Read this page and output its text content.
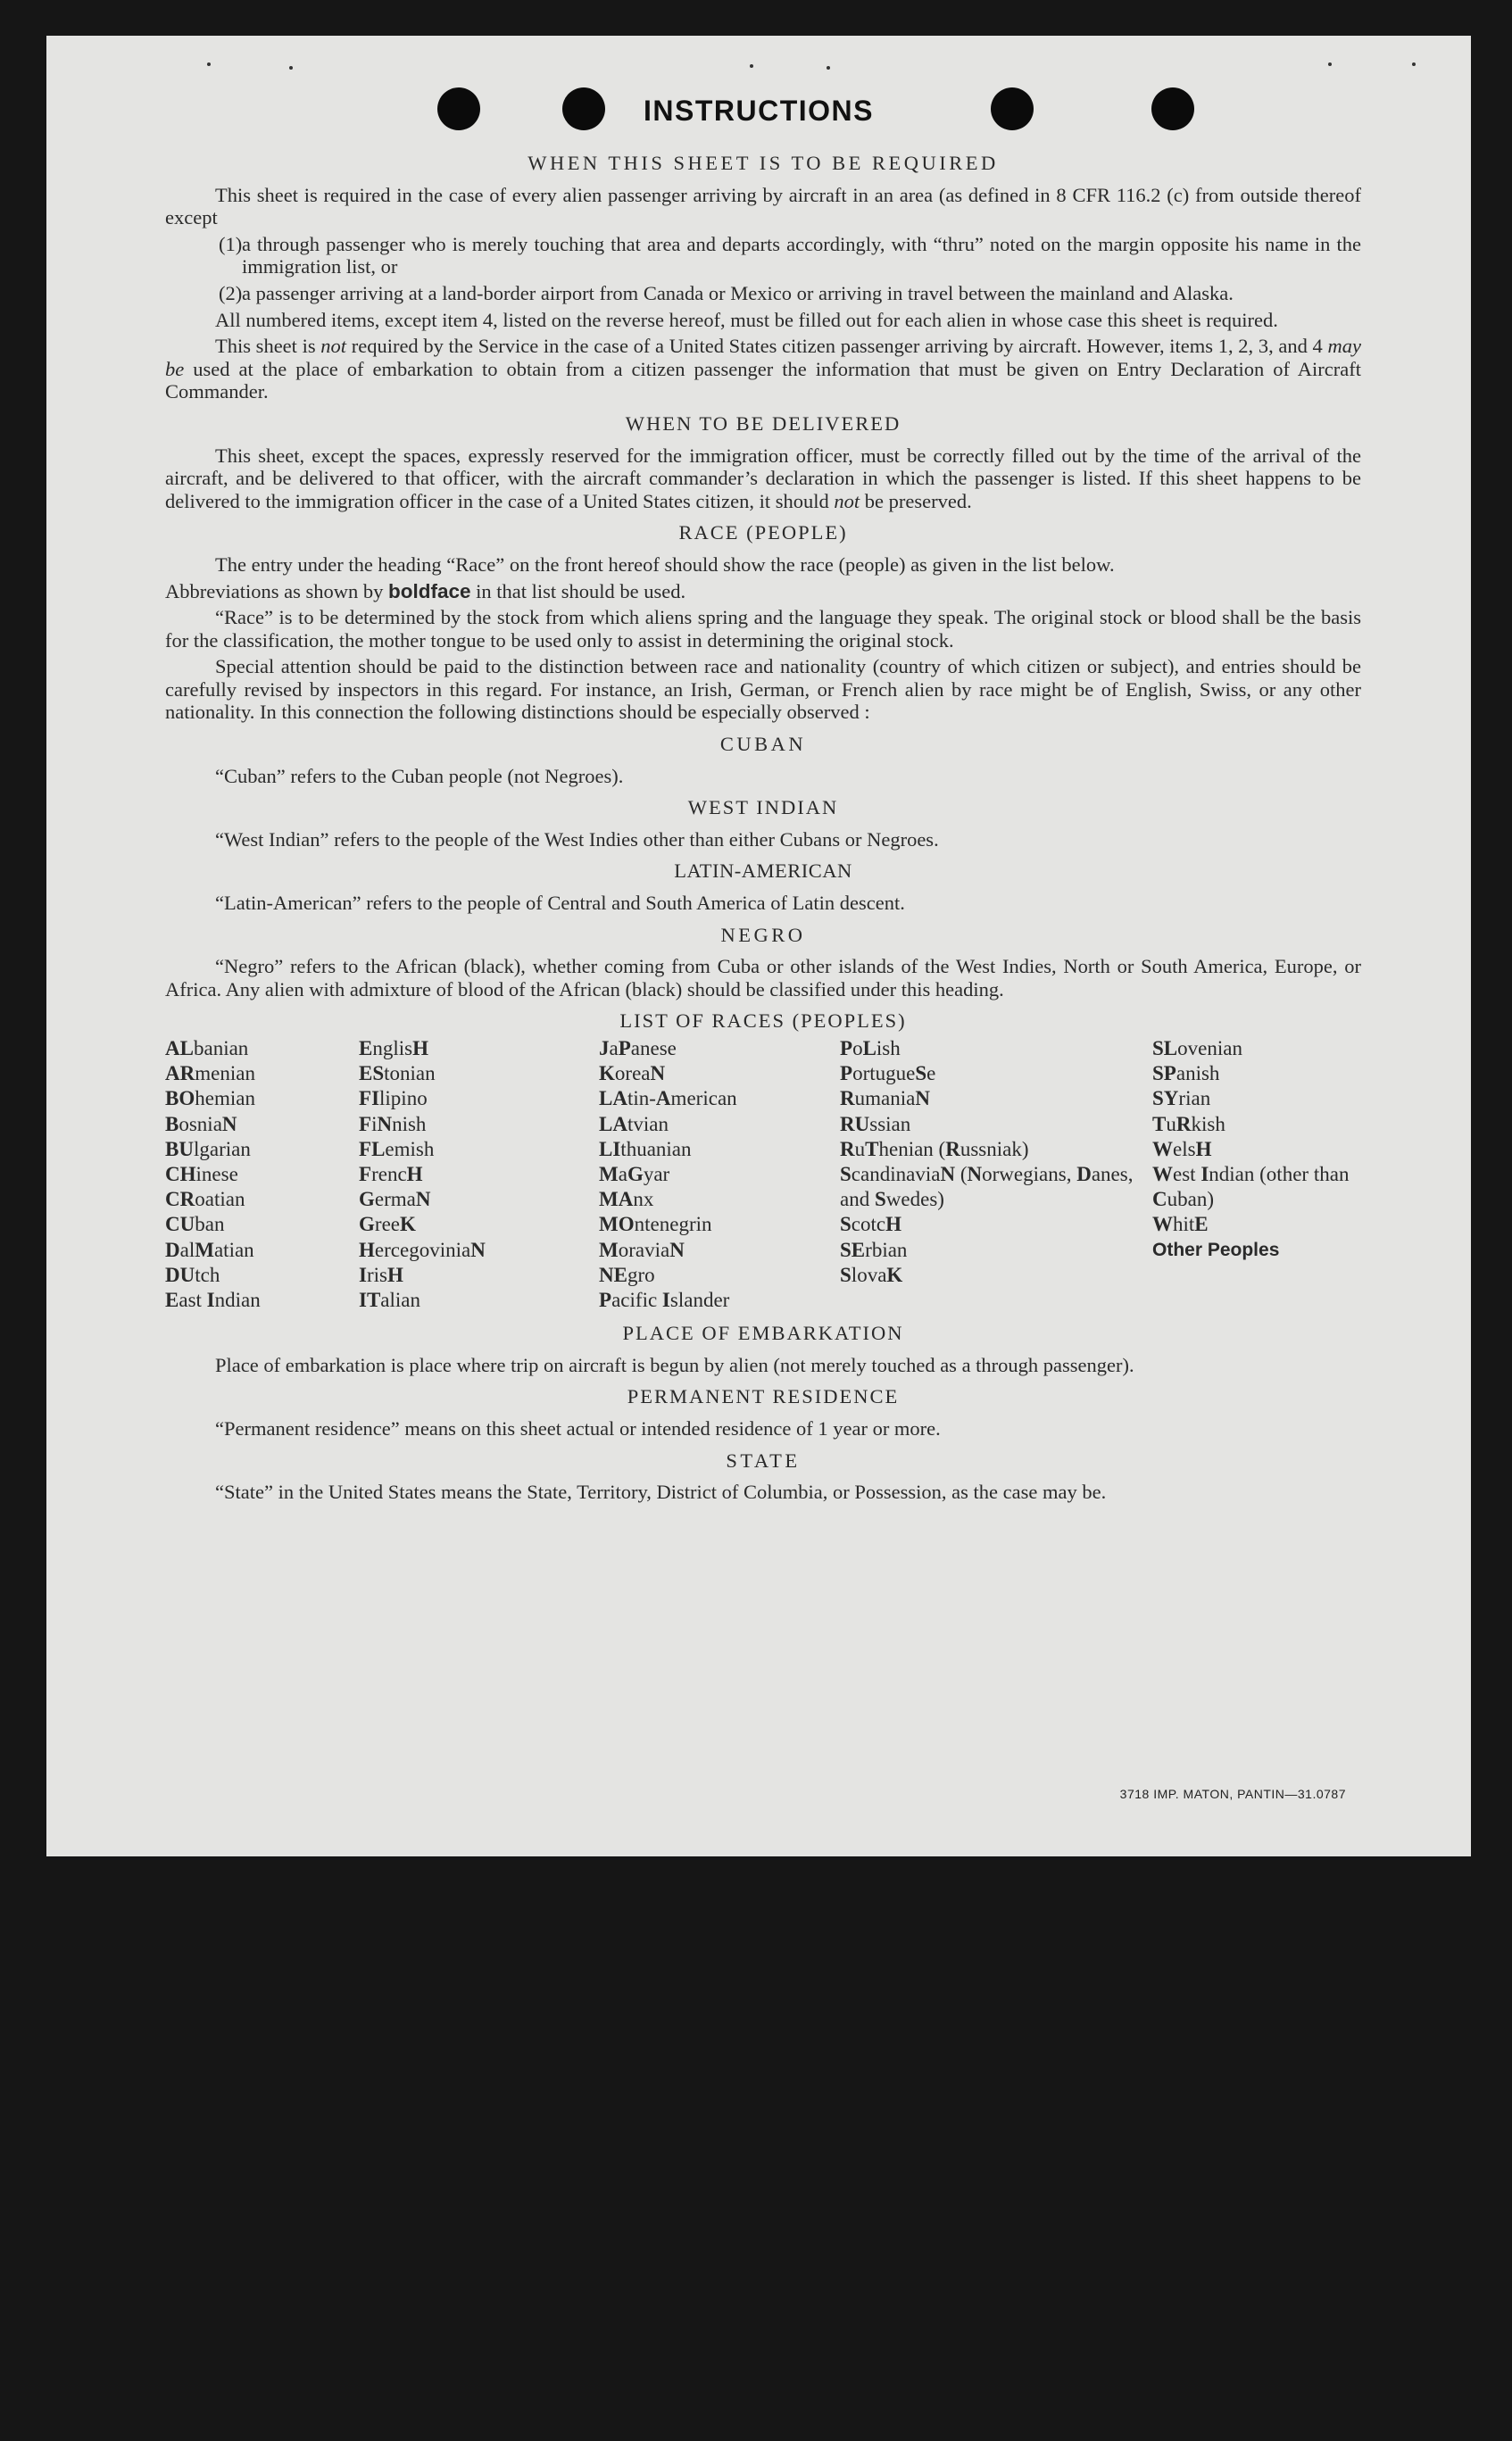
INSTRUCTIONS
WHEN THIS SHEET IS TO BE REQUIRED

This sheet is required in the case of every alien passenger arriving by aircraft in an area (as defined in 8 CFR 116.2 (c) from outside thereof except

(1) a through passenger who is merely touching that area and departs accordingly, with “thru” noted on the margin opposite his name in the immigration list, or

(2) a passenger arriving at a land-border airport from Canada or Mexico or arriving in travel between the mainland and Alaska.

All numbered items, except item 4, listed on the reverse hereof, must be filled out for each alien in whose case this sheet is required.

This sheet is not required by the Service in the case of a United States citizen passenger arriving by aircraft. However, items 1, 2, 3, and 4 may be used at the place of embarkation to obtain from a citizen passenger the information that must be given on Entry Declaration of Aircraft Commander.

WHEN TO BE DELIVERED

This sheet, except the spaces, expressly reserved for the immigration officer, must be correctly filled out by the time of the arrival of the aircraft, and be delivered to that officer, with the aircraft commander’s declaration in which the passenger is listed. If this sheet happens to be delivered to the immigration officer in the case of a United States citizen, it should not be preserved.

RACE (PEOPLE)

The entry under the heading “Race” on the front hereof should show the race (people) as given in the list below.

Abbreviations as shown by boldface in that list should be used.

“Race” is to be determined by the stock from which aliens spring and the language they speak. The original stock or blood shall be the basis for the classification, the mother tongue to be used only to assist in determining the original stock.

Special attention should be paid to the distinction between race and nationality (country of which citizen or subject), and entries should be carefully revised by inspectors in this regard. For instance, an Irish, German, or French alien by race might be of English, Swiss, or any other nationality. In this connection the following distinctions should be especially observed :

CUBAN

“Cuban” refers to the Cuban people (not Negroes).

WEST INDIAN

“West Indian” refers to the people of the West Indies other than either Cubans or Negroes.

LATIN-AMERICAN

“Latin-American” refers to the people of Central and South America of Latin descent.

NEGRO

“Negro” refers to the African (black), whether coming from Cuba or other islands of the West Indies, North or South America, Europe, or Africa. Any alien with admixture of blood of the African (black) should be classified under this heading.

LIST OF RACES (PEOPLES)
ALbanian
ARmenian
BOhemian
BosniaN
BUlgarian
CHinese
CRoatian
CUban
DalMatian
DUtch
East Indian
EnglisH
EStonian
FIlipino
FiNnish
FLemish
FrencH
GermaN
GreeK
HercegoviniaN
IrisH
ITalian
JaPanese
KoreaN
LAtin-American
LAtvian
LIthuanian
MaGyar
MAnx
MOntenegrin
MoraviaN
NEgro
Pacific Islander
PoLish
PortugueSe
RumaniaN
RUssian
RuThenian (Russniak)
ScandinaviaN (Norwegians, Danes, and Swedes)
ScotcH
SErbian
SlovaK
SLovenian
SPanish
SYrian
TuRkish
WelsH
West Indian (other than Cuban)
WhitE
Other Peoples
PLACE OF EMBARKATION

Place of embarkation is place where trip on aircraft is begun by alien (not merely touched as a through passenger).

PERMANENT RESIDENCE

“Permanent residence” means on this sheet actual or intended residence of 1 year or more.

STATE

“State” in the United States means the State, Territory, District of Columbia, or Possession, as the case may be.

3718 IMP. MATON, PANTIN—31.0787
